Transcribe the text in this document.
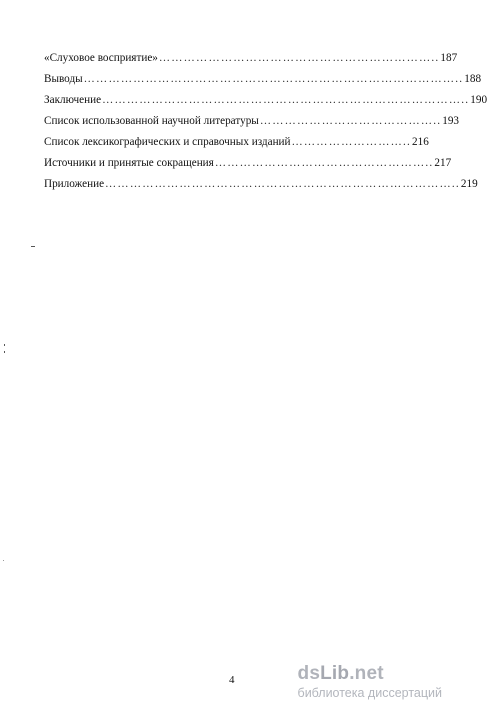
«Слуховое восприятие» ………………………………………………………….. 187
Выводы ……………………………………………………………………………….. 188
Заключение …………………………………………………………………………….. 190
Список использованной научной литературы …………………………………….. 193
Список лексикографических и справочных изданий ……………………….. 216
Источники и принятые сокращения …………………………………………….. 217
Приложение ………………………………………………………………………….. 219
4	ds Lib .net
библиотека диссертаций
